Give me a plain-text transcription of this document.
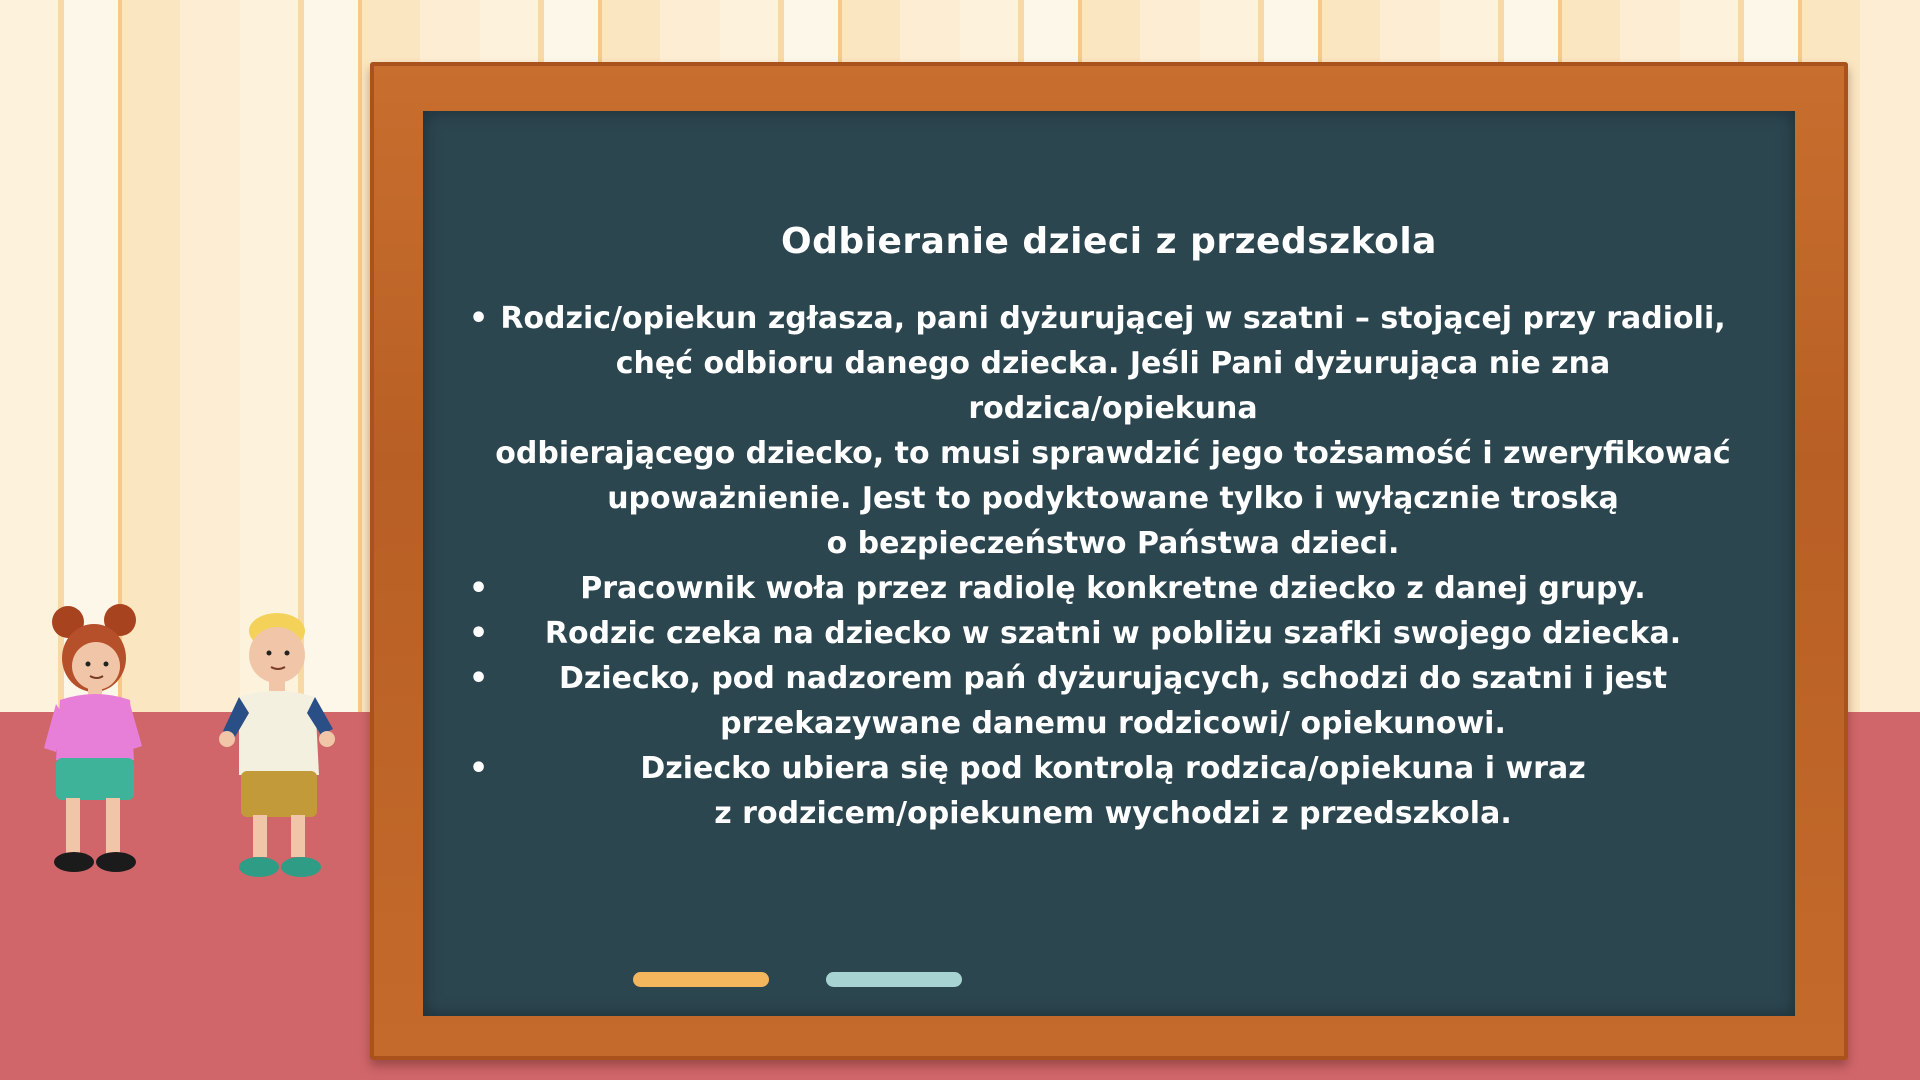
Odbieranie dzieci z przedszkola
• Rodzic/opiekun zgłasza, pani dyżurującej w szatni – stojącej przy radioli,
chęć odbioru danego dziecka. Jeśli Pani dyżurująca nie zna rodzica/opiekuna
odbierającego dziecko, to musi sprawdzić jego tożsamość i zweryfikować
upoważnienie. Jest to podyktowane tylko i wyłącznie troską
o bezpieczeństwo Państwa dzieci.
•	Pracownik woła przez radiolę konkretne dziecko z danej grupy.
•	Rodzic czeka na dziecko w szatni w pobliżu szafki swojego dziecka.
•	Dziecko, pod nadzorem pań dyżurujących, schodzi do szatni i jest
przekazywane danemu rodzicowi/ opiekunowi.
•	Dziecko ubiera się pod kontrolą rodzica/opiekuna i wraz
z rodzicem/opiekunem wychodzi z przedszkola.
